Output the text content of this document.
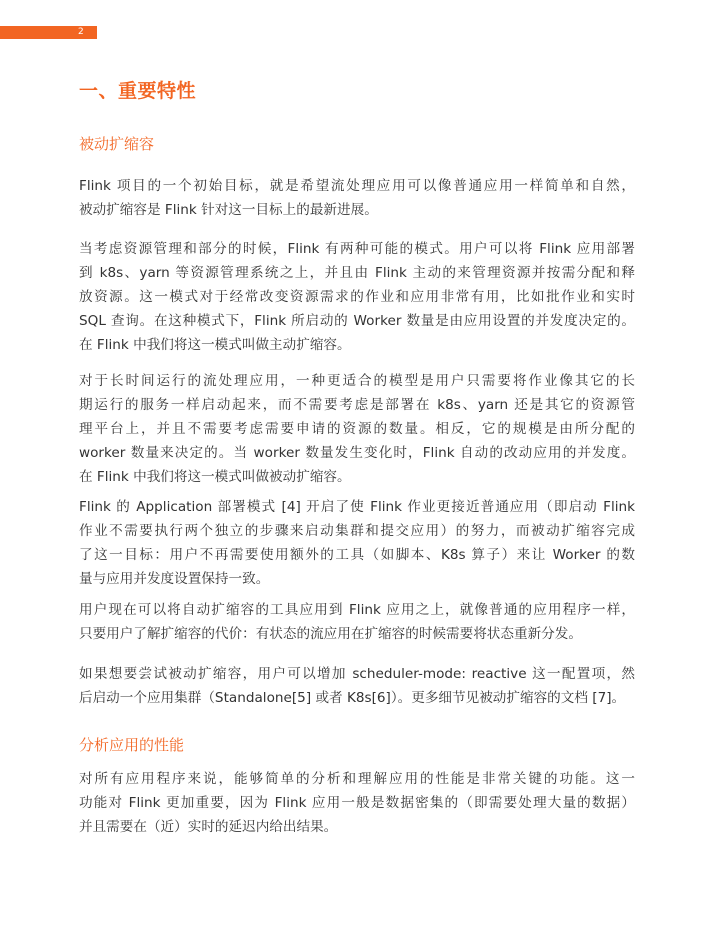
2
一、重要特性
被动扩缩容
Flink 项目的一个初始目标，就是希望流处理应用可以像普通应用一样简单和自然，
被动扩缩容是 Flink 针对这一目标上的最新进展。
当考虑资源管理和部分的时候，Flink 有两种可能的模式。用户可以将 Flink 应用部署
到 k8s、yarn 等资源管理系统之上，并且由 Flink 主动的来管理资源并按需分配和释
放资源。这一模式对于经常改变资源需求的作业和应用非常有用，比如批作业和实时
SQL 查询。在这种模式下，Flink 所启动的 Worker 数量是由应用设置的并发度决定的。
在 Flink 中我们将这一模式叫做主动扩缩容。
对于长时间运行的流处理应用，一种更适合的模型是用户只需要将作业像其它的长
期运行的服务一样启动起来，而不需要考虑是部署在 k8s、yarn 还是其它的资源管
理平台上，并且不需要考虑需要申请的资源的数量。相反，它的规模是由所分配的
worker 数量来决定的。当 worker 数量发生变化时，Flink 自动的改动应用的并发度。
在 Flink 中我们将这一模式叫做被动扩缩容。
Flink 的 Application 部署模式 [4] 开启了使 Flink 作业更接近普通应用（即启动 Flink
作业不需要执行两个独立的步骤来启动集群和提交应用）的努力，而被动扩缩容完成
了这一目标：用户不再需要使用额外的工具（如脚本、K8s 算子）来让 Worker 的数
量与应用并发度设置保持一致。
用户现在可以将自动扩缩容的工具应用到 Flink 应用之上，就像普通的应用程序一样，
只要用户了解扩缩容的代价：有状态的流应用在扩缩容的时候需要将状态重新分发。
如果想要尝试被动扩缩容，用户可以增加 scheduler-mode: reactive 这一配置项，然
后启动一个应用集群（Standalone[5] 或者 K8s[6]）。更多细节见被动扩缩容的文档 [7]。
分析应用的性能
对所有应用程序来说，能够简单的分析和理解应用的性能是非常关键的功能。这一
功能对 Flink 更加重要，因为 Flink 应用一般是数据密集的（即需要处理大量的数据）
并且需要在（近）实时的延迟内给出结果。
